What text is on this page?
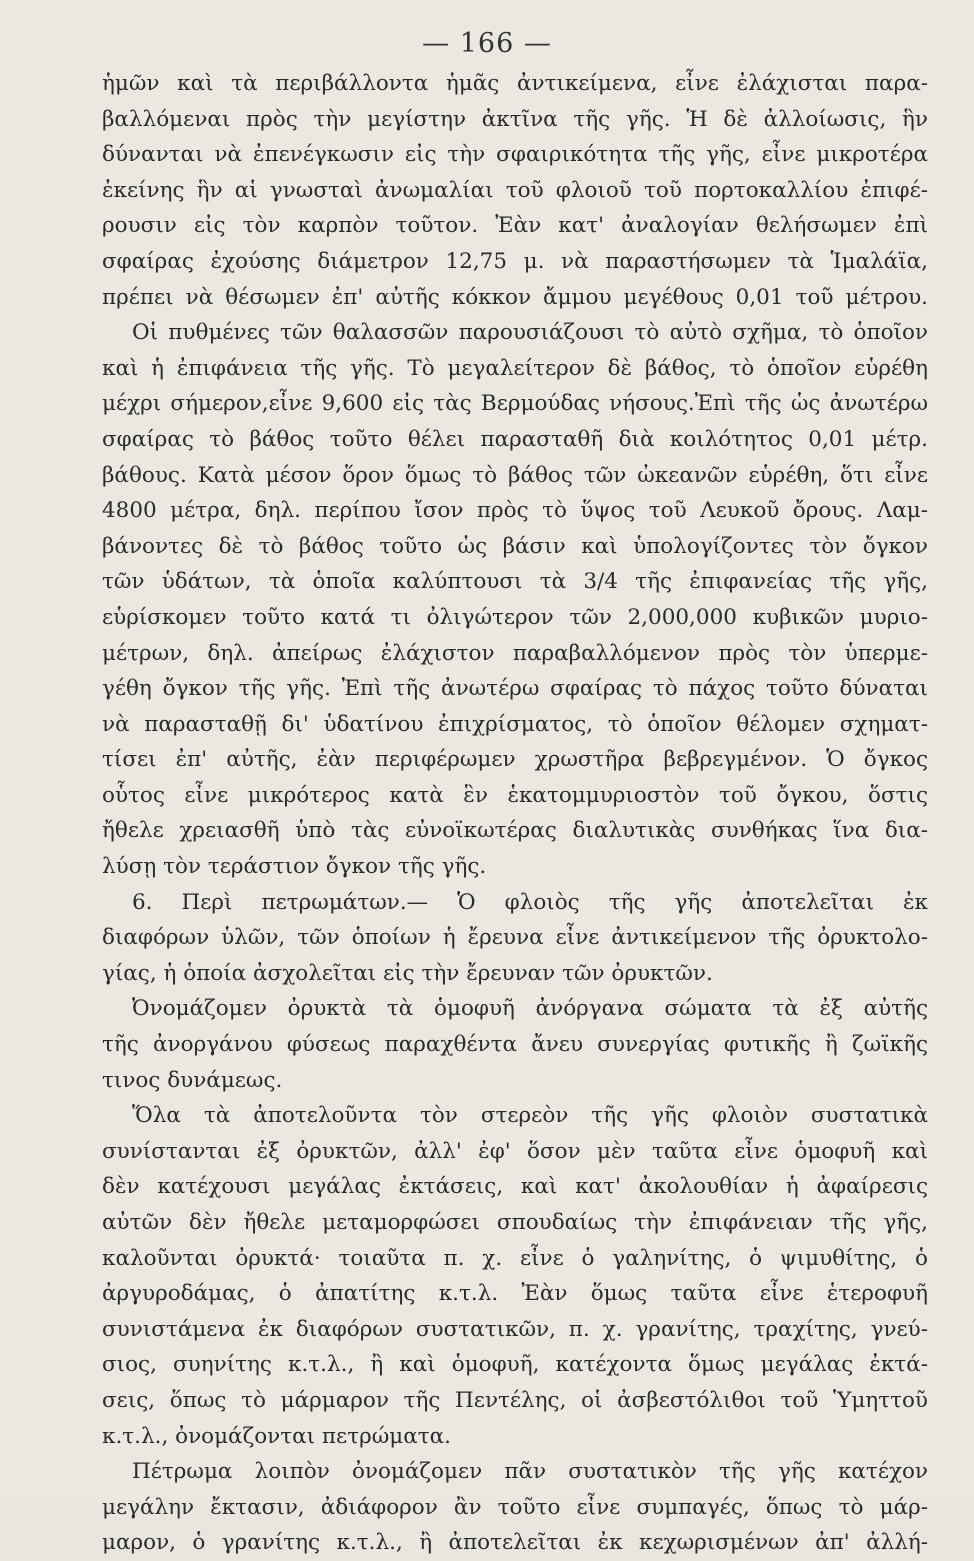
— 166 —
ἡμῶν καὶ τὰ περιβάλλοντα ἡμᾶς ἀντικείμενα, εἶνε ἐλάχισται παρα-
βαλλόμεναι πρὸς τὴν μεγίστην ἀκτῖνα τῆς γῆς. Ἡ δὲ ἀλλοίωσις, ἣν
δύνανται νὰ ἐπενέγκωσιν εἰς τὴν σφαιρικότητα τῆς γῆς, εἶνε μικροτέρα
ἐκείνης ἣν αἱ γνωσταὶ ἀνωμαλίαι τοῦ φλοιοῦ τοῦ πορτοκαλλίου ἐπιφέ-
ρουσιν εἰς τὸν καρπὸν τοῦτον. Ἐὰν κατ' ἀναλογίαν θελήσωμεν ἐπὶ
σφαίρας ἐχούσης διάμετρον 12,75 μ. νὰ παραστήσωμεν τὰ Ἱμαλάϊα,
πρέπει νὰ θέσωμεν ἐπ' αὐτῆς κόκκον ἄμμου μεγέθους 0,01 τοῦ μέτρου.
Οἱ πυθμένες τῶν θαλασσῶν παρουσιάζουσι τὸ αὐτὸ σχῆμα, τὸ ὁποῖον
καὶ ἡ ἐπιφάνεια τῆς γῆς. Τὸ μεγαλείτερον δὲ βάθος, τὸ ὁποῖον εὑρέθη
μέχρι σήμερον,εἶνε 9,600 εἰς τὰς Βερμούδας νήσους.Ἐπὶ τῆς ὡς ἀνωτέρω
σφαίρας τὸ βάθος τοῦτο θέλει παρασταθῆ διὰ κοιλότητος 0,01 μέτρ.
βάθους. Κατὰ μέσον ὅρον ὅμως τὸ βάθος τῶν ὠκεανῶν εὑρέθη, ὅτι εἶνε
4800 μέτρα, δηλ. περίπου ἴσον πρὸς τὸ ὕψος τοῦ Λευκοῦ ὄρους. Λαμ-
βάνοντες δὲ τὸ βάθος τοῦτο ὡς βάσιν καὶ ὑπολογίζοντες τὸν ὄγκον
τῶν ὑδάτων, τὰ ὁποῖα καλύπτουσι τὰ 3/4 τῆς ἐπιφανείας τῆς γῆς,
εὑρίσκομεν τοῦτο κατά τι ὀλιγώτερον τῶν 2,000,000 κυβικῶν μυριο-
μέτρων, δηλ. ἀπείρως ἐλάχιστον παραβαλλόμενον πρὸς τὸν ὑπερμε-
γέθη ὄγκον τῆς γῆς. Ἐπὶ τῆς ἀνωτέρω σφαίρας τὸ πάχος τοῦτο δύναται
νὰ παρασταθῇ δι' ὑδατίνου ἐπιχρίσματος, τὸ ὁποῖον θέλομεν σχηματ-
τίσει ἐπ' αὐτῆς, ἐὰν περιφέρωμεν χρωστῆρα βεβρεγμένον. Ὁ ὄγκος
οὗτος εἶνε μικρότερος κατὰ ἓν ἑκατομμυριοστὸν τοῦ ὄγκου, ὅστις
ἤθελε χρειασθῆ ὑπὸ τὰς εὐνοϊκωτέρας διαλυτικὰς συνθήκας ἵνα δια-
λύσῃ τὸν τεράστιον ὄγκον τῆς γῆς.
6. Περὶ πετρωμάτων.— Ὁ φλοιὸς τῆς γῆς ἀποτελεῖται ἐκ
διαφόρων ὑλῶν, τῶν ὁποίων ἡ ἔρευνα εἶνε ἀντικείμενον τῆς ὀρυκτολο-
γίας, ἡ ὁποία ἀσχολεῖται εἰς τὴν ἔρευναν τῶν ὀρυκτῶν.
Ὀνομάζομεν ὀρυκτὰ τὰ ὁμοφυῆ ἀνόργανα σώματα τὰ ἐξ αὐτῆς
τῆς ἀνοργάνου φύσεως παραχθέντα ἄνευ συνεργίας φυτικῆς ἢ ζωϊκῆς
τινος δυνάμεως.
Ὅλα τὰ ἀποτελοῦντα τὸν στερεὸν τῆς γῆς φλοιὸν συστατικὰ
συνίστανται ἐξ ὀρυκτῶν, ἀλλ' ἐφ' ὅσον μὲν ταῦτα εἶνε ὁμοφυῆ καὶ
δὲν κατέχουσι μεγάλας ἐκτάσεις, καὶ κατ' ἀκολουθίαν ἡ ἀφαίρεσις
αὐτῶν δὲν ἤθελε μεταμορφώσει σπουδαίως τὴν ἐπιφάνειαν τῆς γῆς,
καλοῦνται ὀρυκτά· τοιαῦτα π. χ. εἶνε ὁ γαληνίτης, ὁ ψιμυθίτης, ὁ
ἀργυροδάμας, ὁ ἀπατίτης κ.τ.λ. Ἐὰν ὅμως ταῦτα εἶνε ἑτεροφυῆ
συνιστάμενα ἐκ διαφόρων συστατικῶν, π. χ. γρανίτης, τραχίτης, γνεύ-
σιος, συηνίτης κ.τ.λ., ἢ καὶ ὁμοφυῆ, κατέχοντα ὅμως μεγάλας ἐκτά-
σεις, ὅπως τὸ μάρμαρον τῆς Πεντέλης, οἱ ἀσβεστόλιθοι τοῦ Ὑμηττοῦ
κ.τ.λ., ὀνομάζονται πετρώματα.
Πέτρωμα λοιπὸν ὀνομάζομεν πᾶν συστατικὸν τῆς γῆς κατέχον
μεγάλην ἔκτασιν, ἀδιάφορον ἂν τοῦτο εἶνε συμπαγές, ὅπως τὸ μάρ-
μαρον, ὁ γρανίτης κ.τ.λ., ἢ ἀποτελεῖται ἐκ κεχωρισμένων ἀπ' ἀλλή-
